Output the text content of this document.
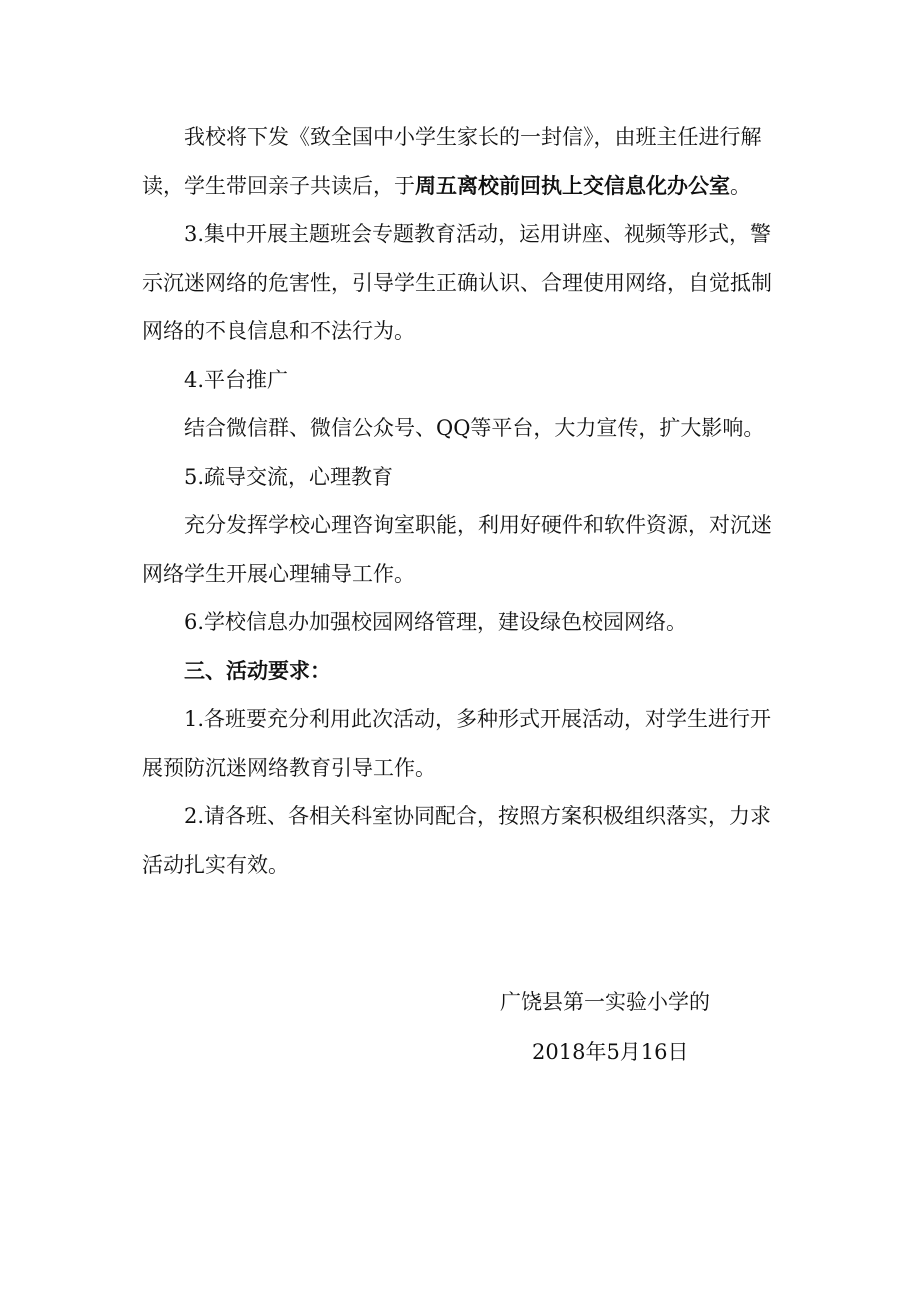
我校将下发《致全国中小学生家长的一封信》，由班主任进行解
读，学生带回亲子共读后，于周五离校前回执上交信息化办公室。
3.集中开展主题班会专题教育活动，运用讲座、视频等形式，警
示沉迷网络的危害性，引导学生正确认识、合理使用网络，自觉抵制
网络的不良信息和不法行为。
4.平台推广
结合微信群、微信公众号、QQ等平台，大力宣传，扩大影响。
5.疏导交流，心理教育
充分发挥学校心理咨询室职能，利用好硬件和软件资源，对沉迷
网络学生开展心理辅导工作。
6.学校信息办加强校园网络管理，建设绿色校园网络。
三、活动要求：
1.各班要充分利用此次活动，多种形式开展活动，对学生进行开
展预防沉迷网络教育引导工作。
2.请各班、各相关科室协同配合，按照方案积极组织落实，力求
活动扎实有效。
广饶县第一实验小学的
2018年5月16日
